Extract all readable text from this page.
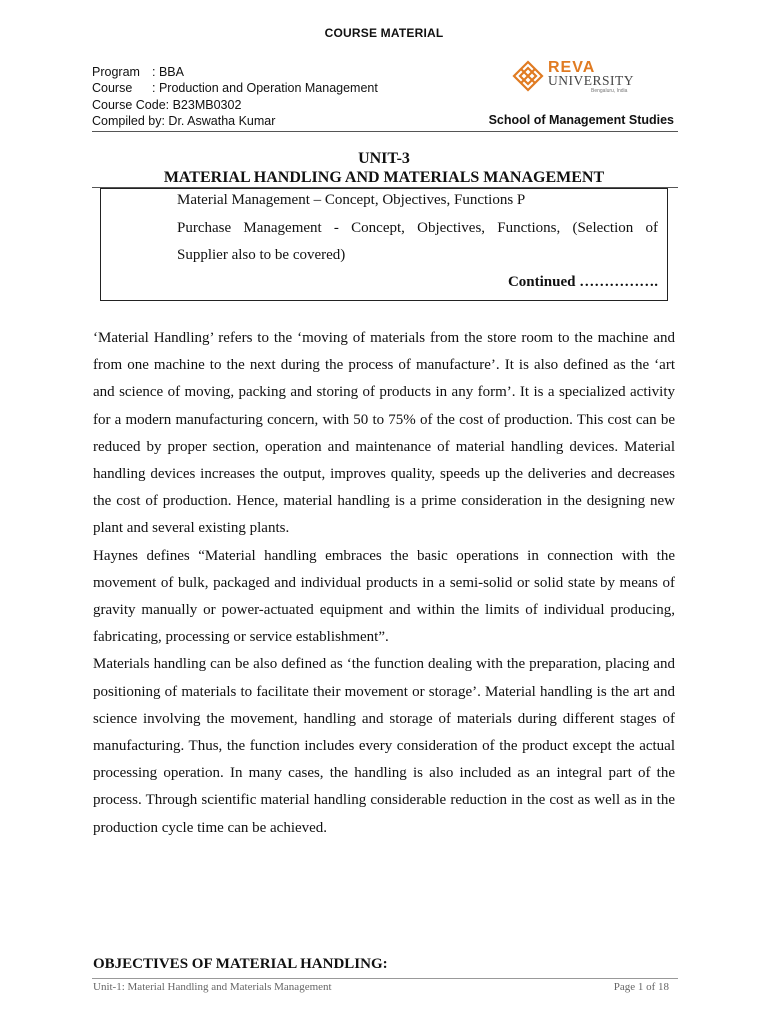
COURSE MATERIAL
Program : BBA
Course : Production and Operation Management
Course Code: B23MB0302
Compiled by: Dr. Aswatha Kumar
REVA
UNIVERSITY
Bengaluru, India
School of Management Studies
UNIT-3
MATERIAL HANDLING AND MATERIALS MANAGEMENT
Material Management – Concept, Objectives, Functions P
Purchase Management - Concept, Objectives, Functions, (Selection of
Supplier also to be covered)
Continued …………….

‘Material Handling’ refers to the ‘moving of materials from the store room to the machine and from one machine to the next during the process of manufacture’. It is also defined as the ‘art and science of moving, packing and storing of products in any form’. It is a specialized activity for a modern manufacturing concern, with 50 to 75% of the cost of production. This cost can be reduced by proper section, operation and maintenance of material handling devices. Material handling devices increases the output, improves quality, speeds up the deliveries and decreases the cost of production. Hence, material handling is a prime consideration in the designing new plant and several existing plants.

Haynes defines “Material handling embraces the basic operations in connection with the movement of bulk, packaged and individual products in a semi-solid or solid state by means of gravity manually or power-actuated equipment and within the limits of individual producing, fabricating, processing or service establishment”.

Materials handling can be also defined as ‘the function dealing with the preparation, placing and positioning of materials to facilitate their movement or storage’. Material handling is the art and science involving the movement, handling and storage of materials during different stages of manufacturing. Thus, the function includes every consideration of the product except the actual processing operation. In many cases, the handling is also included as an integral part of the process. Through scientific material handling considerable reduction in the cost as well as in the production cycle time can be achieved.

OBJECTIVES OF MATERIAL HANDLING:
Unit-1: Material Handling and Materials Management	Page 1 of 18
